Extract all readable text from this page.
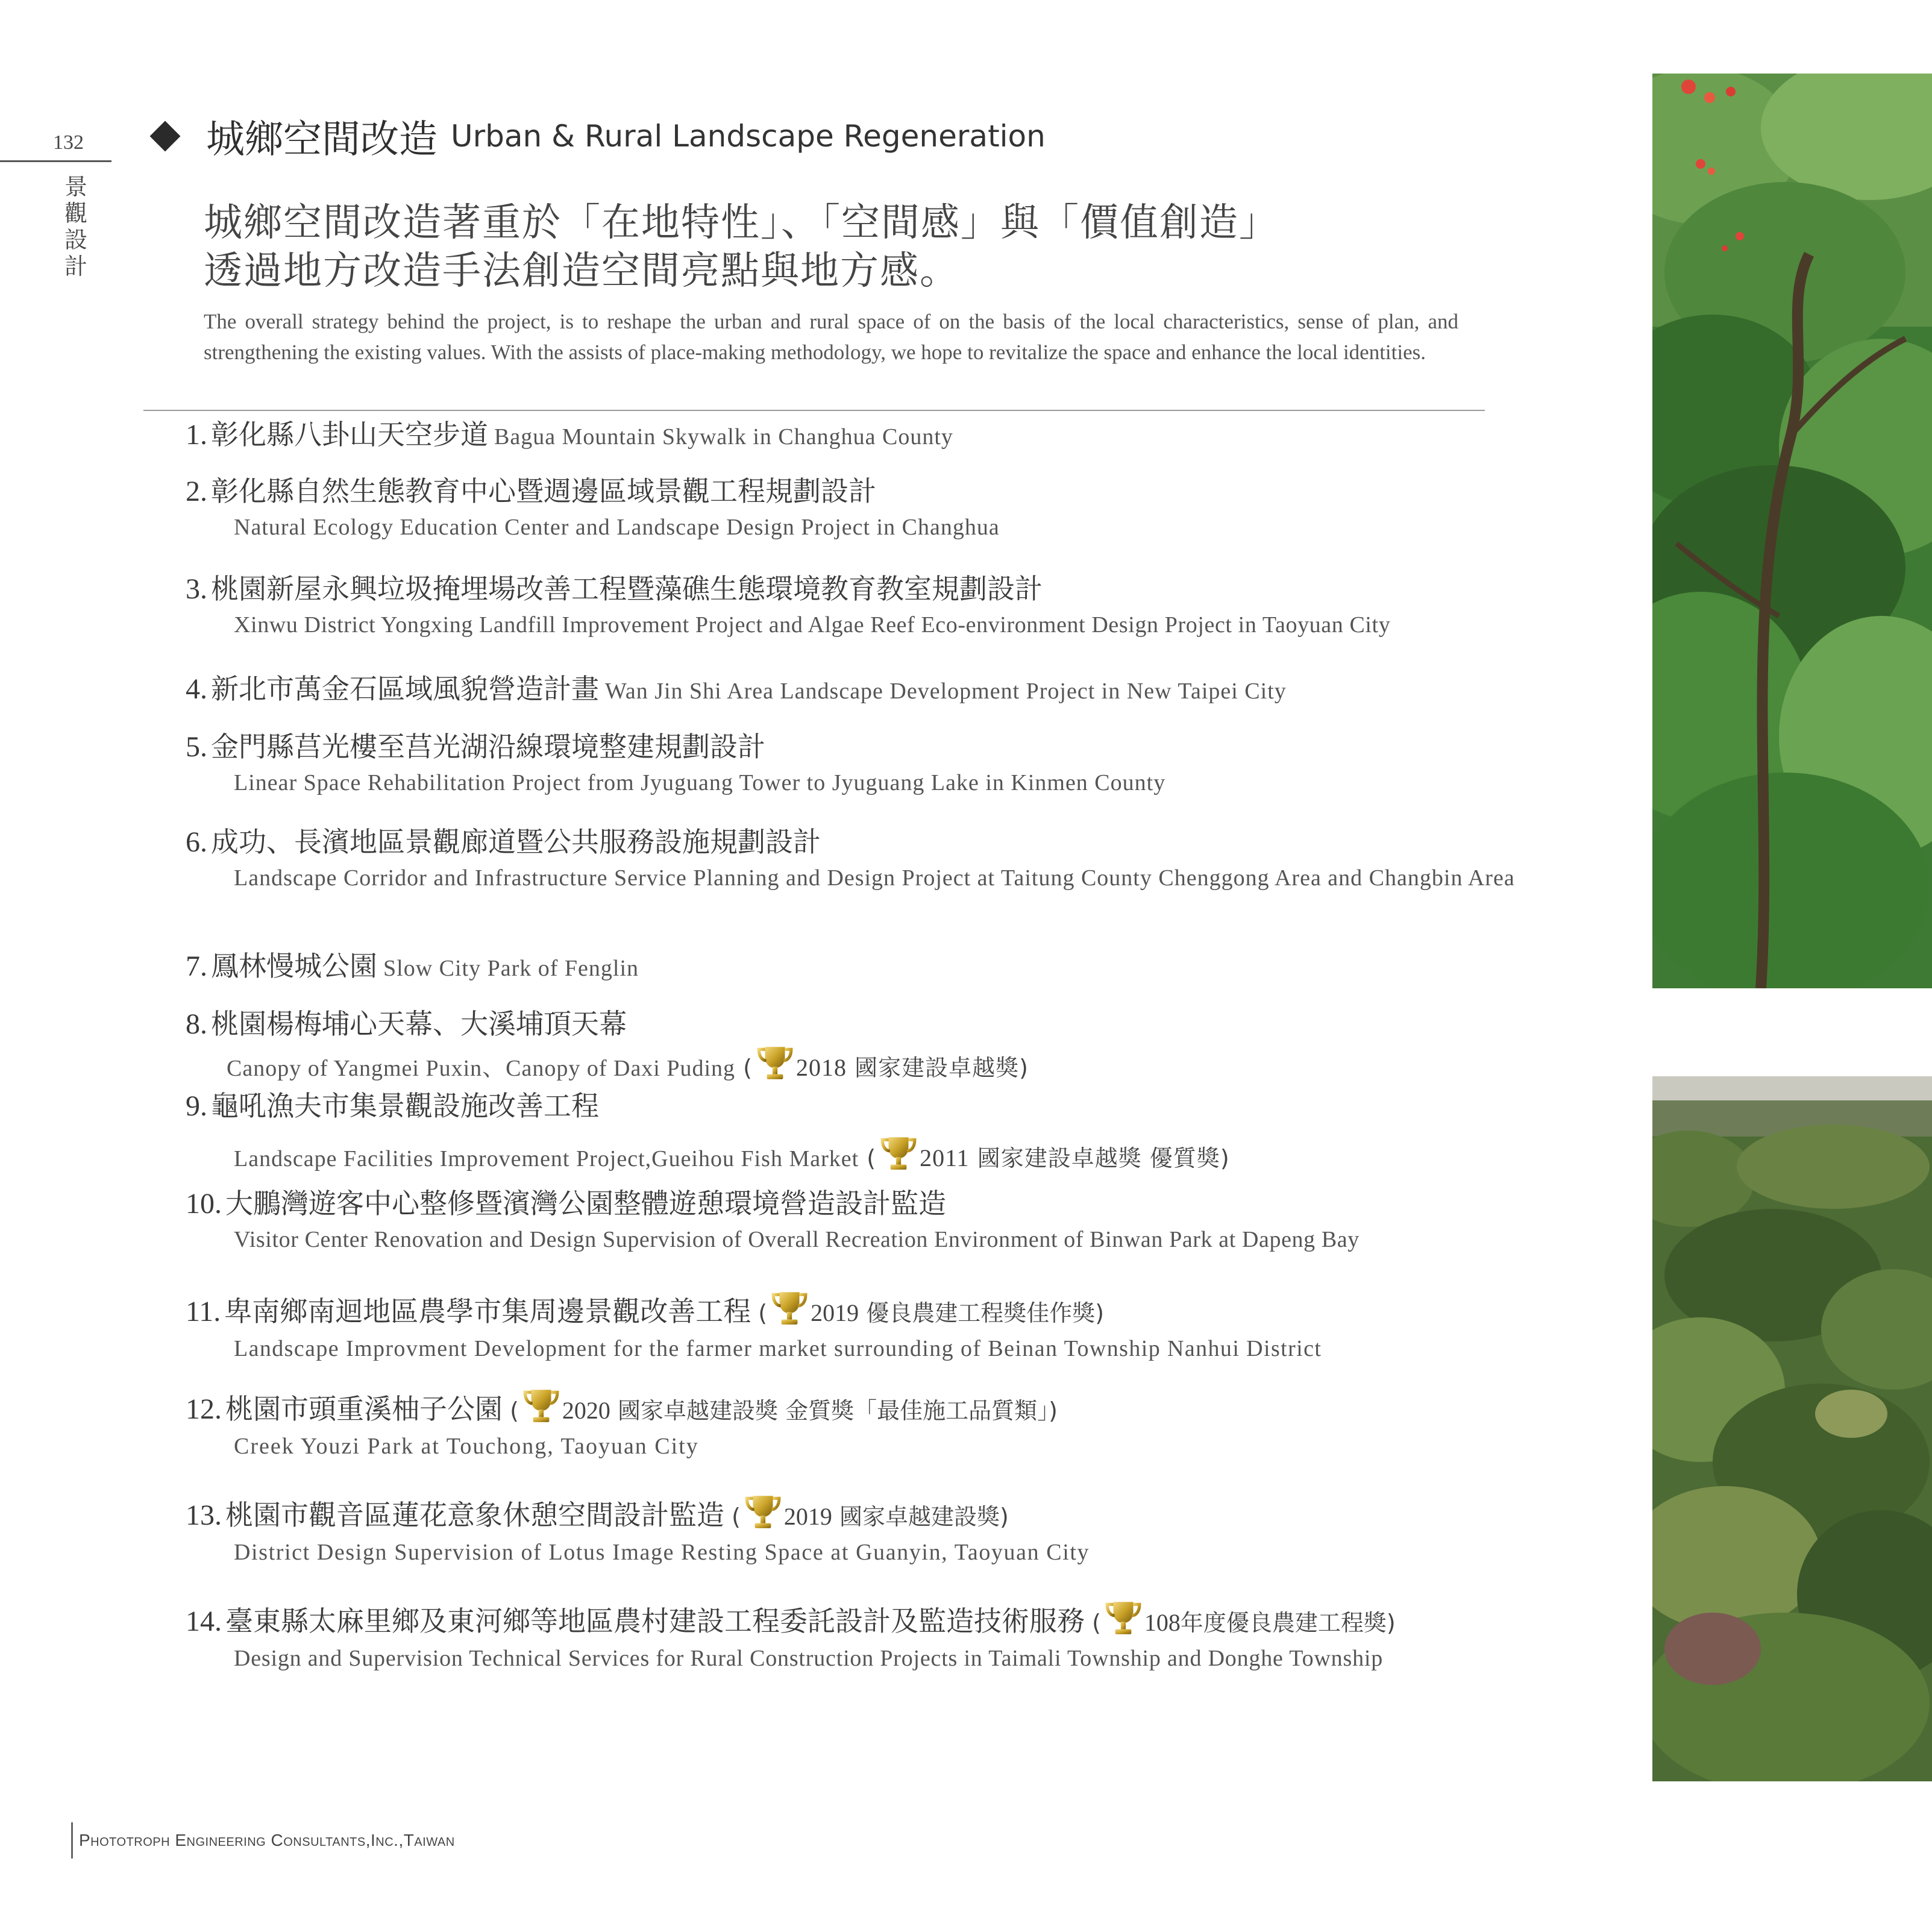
132
景
觀
設
計
城鄉空間改造 Urban & Rural Landscape Regeneration
城鄉空間改造著重於「在地特性」、「空間感」與「價值創造」
透過地方改造手法創造空間亮點與地方感。
The overall strategy behind the project, is to reshape the urban and rural space of on the basis of the local characteristics, sense of plan, and strengthening the existing values. With the assists of place-making methodology, we hope to revitalize the space and enhance the local identities.
1. 彰化縣八卦山天空步道 Bagua Mountain Skywalk in Changhua County
2. 彰化縣自然生態教育中心暨週邊區域景觀工程規劃設計
Natural Ecology Education Center and Landscape Design Project in Changhua
3. 桃園新屋永興垃圾掩埋場改善工程暨藻礁生態環境教育教室規劃設計
Xinwu District Yongxing Landfill Improvement Project and Algae Reef Eco-environment Design Project in Taoyuan City
4. 新北市萬金石區域風貌營造計畫 Wan Jin Shi Area Landscape Development Project in New Taipei City
5. 金門縣莒光樓至莒光湖沿線環境整建規劃設計
Linear Space Rehabilitation Project from Jyuguang Tower to Jyuguang Lake in Kinmen County
6. 成功、長濱地區景觀廊道暨公共服務設施規劃設計
Landscape Corridor and Infrastructure Service Planning and Design Project at Taitung County Chenggong Area and Changbin Area
7. 鳳林慢城公園 Slow City Park of Fenglin
8. 桃園楊梅埔心天幕、大溪埔頂天幕
Canopy of Yangmei Puxin、Canopy of Daxi Puding ( 2018 國家建設卓越獎)
9. 龜吼漁夫市集景觀設施改善工程
Landscape Facilities Improvement Project,Gueihou Fish Market ( 2011 國家建設卓越獎 優質獎)
10. 大鵬灣遊客中心整修暨濱灣公園整體遊憩環境營造設計監造
Visitor Center Renovation and Design Supervision of Overall Recreation Environment of Binwan Park at Dapeng Bay
11. 卑南鄉南迴地區農學市集周邊景觀改善工程 ( 2019 優良農建工程獎佳作獎)
Landscape Improvment Development for the farmer market surrounding of Beinan Township Nanhui District
12. 桃園市頭重溪柚子公園 ( 2020 國家卓越建設獎 金質獎「最佳施工品質類」)
Creek Youzi Park at Touchong, Taoyuan City
13. 桃園市觀音區蓮花意象休憩空間設計監造 ( 2019 國家卓越建設獎)
District Design Supervision of Lotus Image Resting Space at Guanyin, Taoyuan City
14. 臺東縣太麻里鄉及東河鄉等地區農村建設工程委託設計及監造技術服務 ( 108年度優良農建工程獎)
Design and Supervision Technical Services for Rural Construction Projects in Taimali Township and Donghe Township
Phototroph Engineering Consultants,Inc.,Taiwan
